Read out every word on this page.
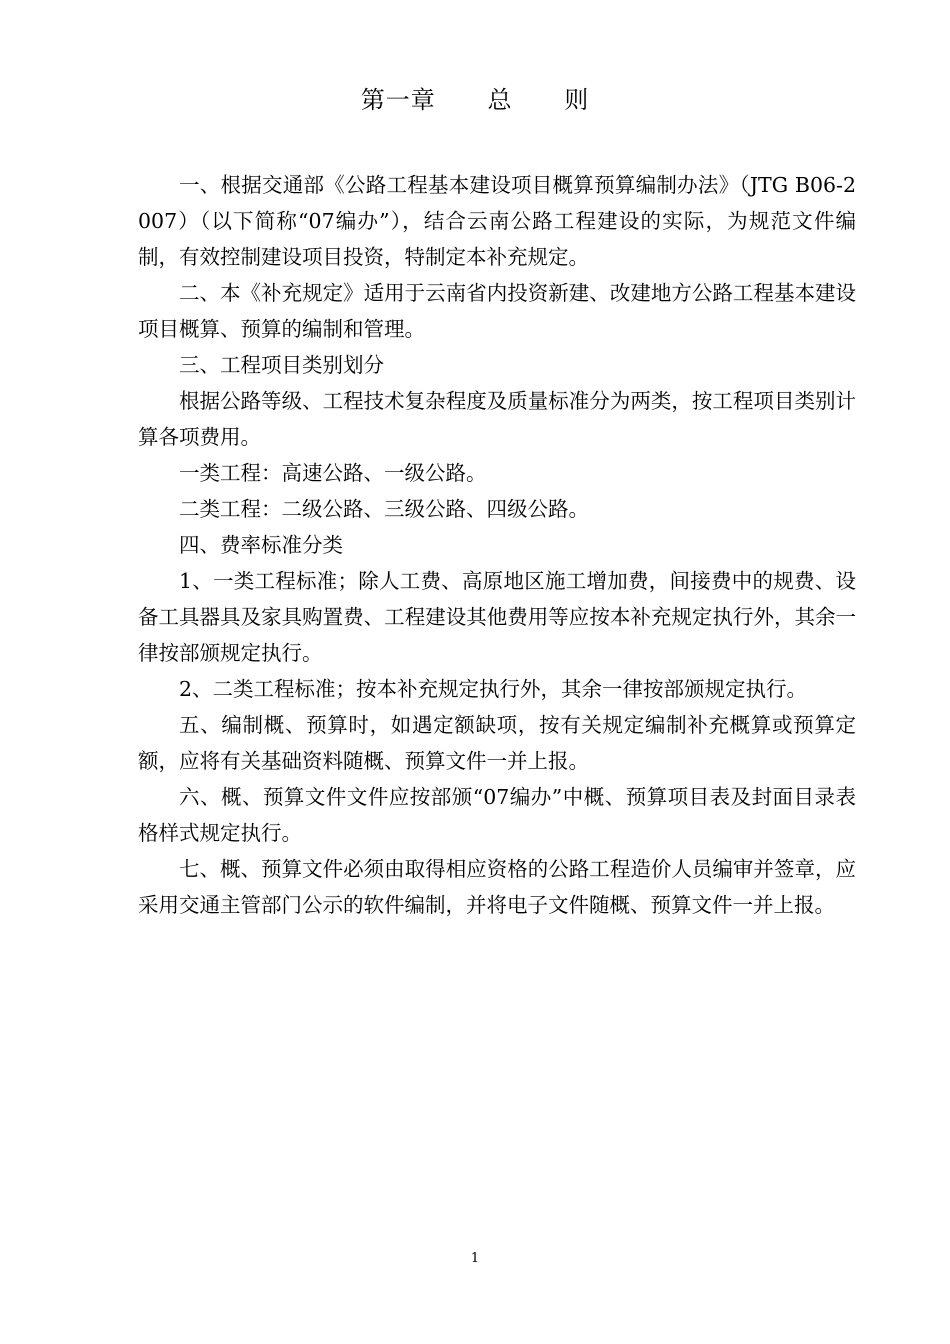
第一章      总      则

一、根据交通部《公路工程基本建设项目概算预算编制办法》（JTG B06-2007）（以下简称“07编办”），结合云南公路工程建设的实际，为规范文件编制，有效控制建设项目投资，特制定本补充规定。

二、本《补充规定》适用于云南省内投资新建、改建地方公路工程基本建设项目概算、预算的编制和管理。

三、工程项目类别划分

根据公路等级、工程技术复杂程度及质量标准分为两类，按工程项目类别计算各项费用。

一类工程：高速公路、一级公路。

二类工程：二级公路、三级公路、四级公路。

四、费率标准分类

1、一类工程标准；除人工费、高原地区施工增加费，间接费中的规费、设备工具器具及家具购置费、工程建设其他费用等应按本补充规定执行外，其余一律按部颁规定执行。

2、二类工程标准；按本补充规定执行外，其余一律按部颁规定执行。

五、编制概、预算时，如遇定额缺项，按有关规定编制补充概算或预算定额，应将有关基础资料随概、预算文件一并上报。

六、概、预算文件文件应按部颁“07编办”中概、预算项目表及封面目录表格样式规定执行。

七、概、预算文件必须由取得相应资格的公路工程造价人员编审并签章，应采用交通主管部门公示的软件编制，并将电子文件随概、预算文件一并上报。

1
